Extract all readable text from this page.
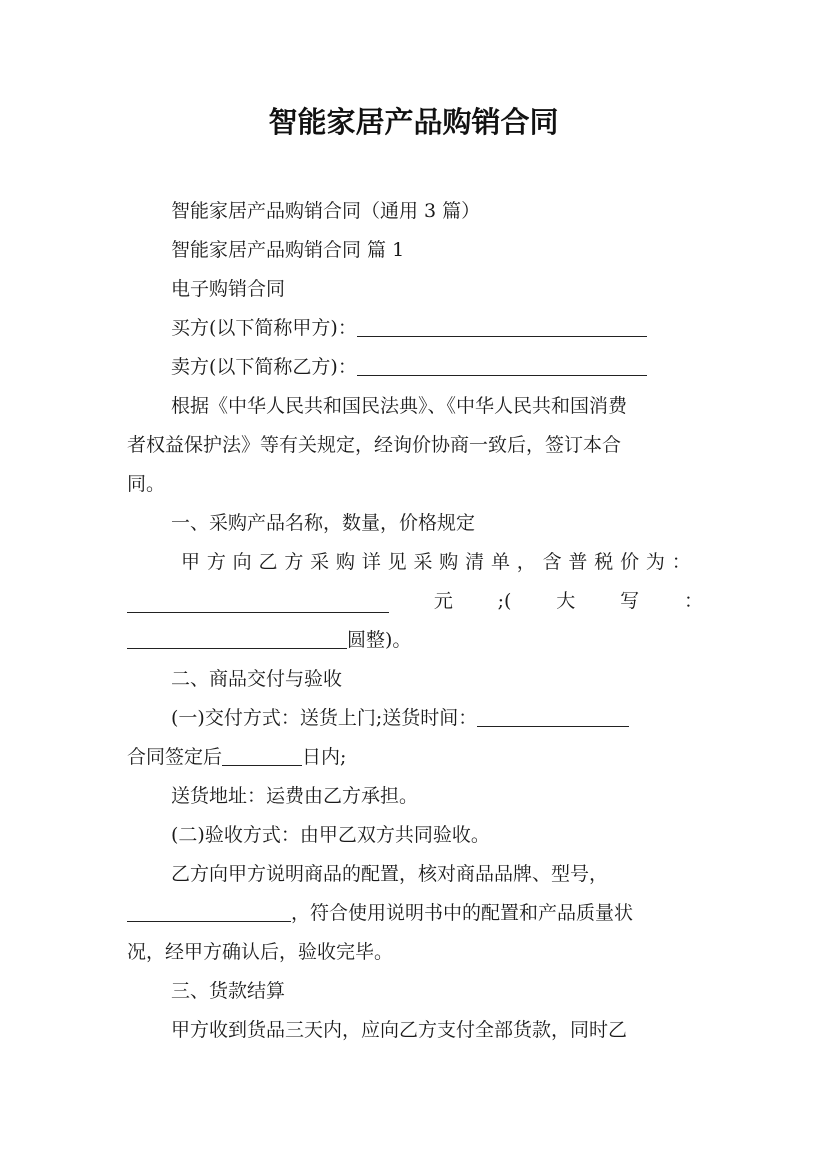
智能家居产品购销合同
智能家居产品购销合同（通用 3 篇）
智能家居产品购销合同 篇 1
电子购销合同
买方(以下简称甲方)：
卖方(以下简称乙方)：
根据《中华人民共和国民法典》、《中华人民共和国消费
者权益保护法》等有关规定，经询价协商一致后，签订本合
同。
一、采购产品名称，数量，价格规定
甲 方 向 乙 方 采 购 详 见 采 购 清 单 ， 含 普 税 价 为 ：
元 ;( 大 写 ：
圆整)。
二、商品交付与验收
(一)交付方式：送货上门;送货时间：
合同签定后	日内;
送货地址：运费由乙方承担。
(二)验收方式：由甲乙双方共同验收。
乙方向甲方说明商品的配置，核对商品品牌、型号，
，符合使用说明书中的配置和产品质量状
况，经甲方确认后，验收完毕。
三、货款结算
甲方收到货品三天内，应向乙方支付全部货款，同时乙
